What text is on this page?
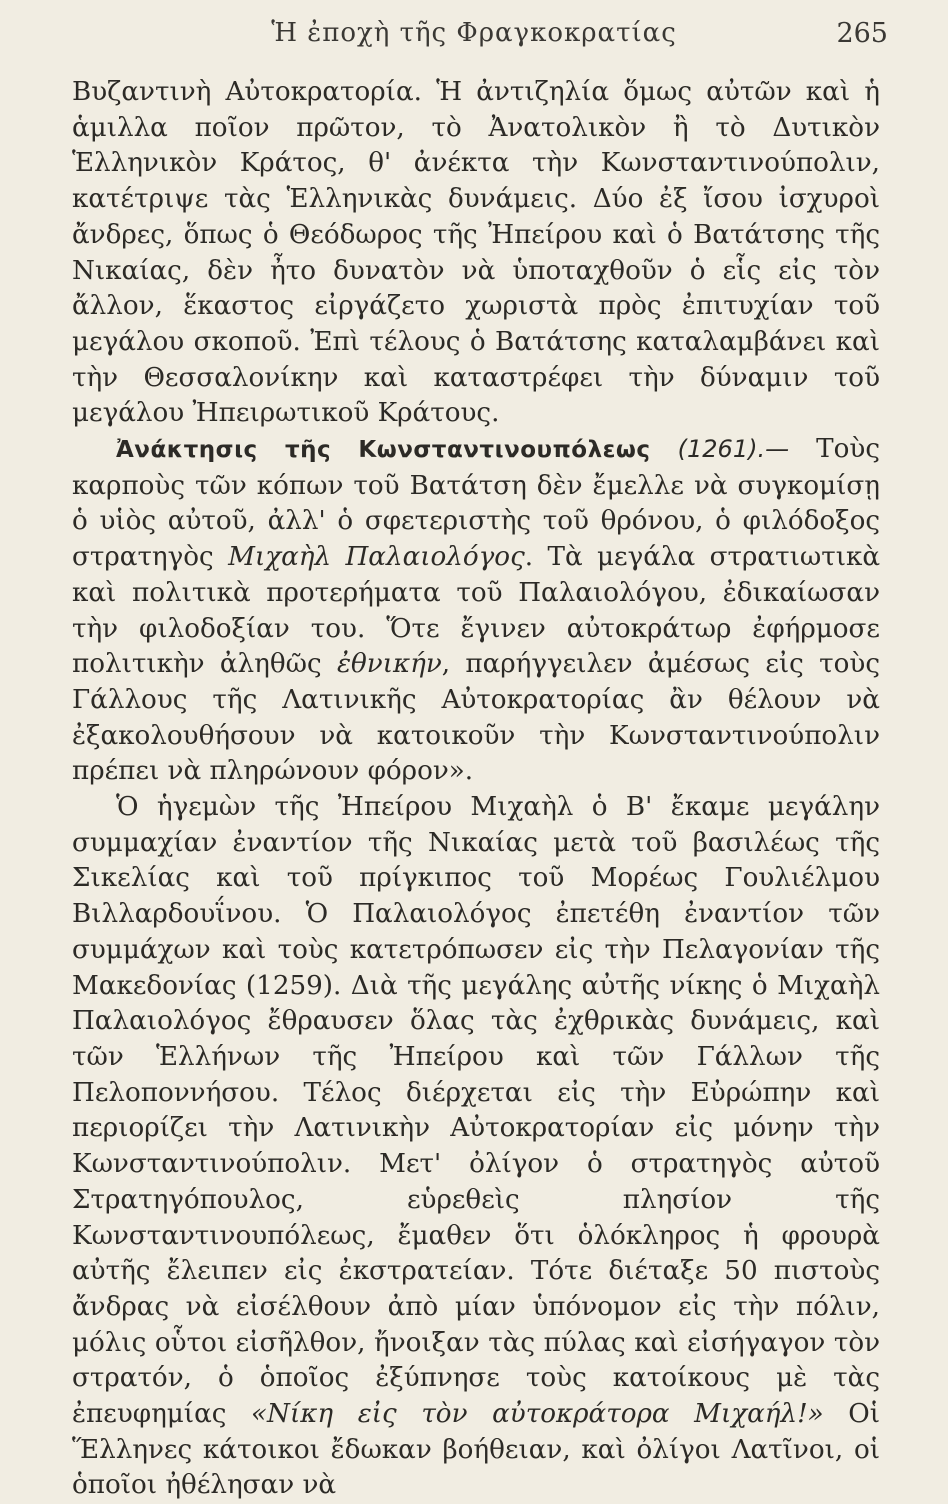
Ἡ ἐποχὴ τῆς Φραγκοκρατίας	265

Βυζαντινὴ Αὐτοκρατορία. Ἡ ἀντιζηλία ὅμως αὐτῶν καὶ ἡ ἁμιλλα ποῖον πρῶτον, τὸ Ἀνατολικὸν ἢ τὸ Δυτικὸν Ἑλληνικὸν Κράτος, θ' ἀνέκτα τὴν Κωνσταντινούπολιν, κατέτριψε τὰς Ἑλληνικὰς δυνάμεις. Δύο ἐξ ἴσου ἰσχυροὶ ἄνδρες, ὅπως ὁ Θεόδωρος τῆς Ἠπείρου καὶ ὁ Βατάτσης τῆς Νικαίας, δὲν ἦτο δυνατὸν νὰ ὑποταχθοῦν ὁ εἷς εἰς τὸν ἄλλον, ἕκαστος εἰργάζετο χωριστὰ πρὸς ἐπιτυχίαν τοῦ μεγάλου σκοποῦ. Ἐπὶ τέλους ὁ Βατάτσης καταλαμβάνει καὶ τὴν Θεσσαλονίκην καὶ καταστρέφει τὴν δύναμιν τοῦ μεγάλου Ἠπειρωτικοῦ Κράτους.

Ἀνάκτησις τῆς Κωνσταντινουπόλεως (1261).— Τοὺς καρποὺς τῶν κόπων τοῦ Βατάτση δὲν ἔμελλε νὰ συγκομίσῃ ὁ υἱὸς αὐτοῦ, ἀλλ' ὁ σφετεριστὴς τοῦ θρόνου, ὁ φιλόδοξος στρατηγὸς Μιχαὴλ Παλαιολόγος. Τὰ μεγάλα στρατιωτικὰ καὶ πολιτικὰ προτερήματα τοῦ Παλαιολόγου, ἐδικαίωσαν τὴν φιλοδοξίαν του. Ὅτε ἔγινεν αὐτοκράτωρ ἐφήρμοσε πολιτικὴν ἀληθῶς ἐθνικήν, παρήγγειλεν ἀμέσως εἰς τοὺς Γάλλους τῆς Λατινικῆς Αὐτοκρατορίας ἂν θέλουν νὰ ἐξακολουθήσουν νὰ κατοικοῦν τὴν Κωνσταντινούπολιν πρέπει νὰ πληρώνουν φόρον».

Ὁ ἡγεμὼν τῆς Ἠπείρου Μιχαὴλ ὁ Β' ἔκαμε μεγάλην συμμαχίαν ἐναντίον τῆς Νικαίας μετὰ τοῦ βασιλέως τῆς Σικελίας καὶ τοῦ πρίγκιπος τοῦ Μορέως Γουλιέλμου Βιλλαρδουΐνου. Ὁ Παλαιολόγος ἐπετέθη ἐναντίον τῶν συμμάχων καὶ τοὺς κατετρόπωσεν εἰς τὴν Πελαγονίαν τῆς Μακεδονίας (1259). Διὰ τῆς μεγάλης αὐτῆς νίκης ὁ Μιχαὴλ Παλαιολόγος ἔθραυσεν ὅλας τὰς ἐχθρικὰς δυνάμεις, καὶ τῶν Ἑλλήνων τῆς Ἠπείρου καὶ τῶν Γάλλων τῆς Πελοποννήσου. Τέλος διέρχεται εἰς τὴν Εὐρώπην καὶ περιορίζει τὴν Λατινικὴν Αὐτοκρατορίαν εἰς μόνην τὴν Κωνσταντινούπολιν. Μετ' ὀλίγον ὁ στρατηγὸς αὐτοῦ Στρατηγόπουλος, εὑρεθεὶς πλησίον τῆς Κωνσταντινουπόλεως, ἔμαθεν ὅτι ὁλόκληρος ἡ φρουρὰ αὐτῆς ἔλειπεν εἰς ἐκστρατείαν. Τότε διέταξε 50 πιστοὺς ἄνδρας νὰ εἰσέλθουν ἀπὸ μίαν ὑπόνομον εἰς τὴν πόλιν, μόλις οὗτοι εἰσῆλθον, ἤνοιξαν τὰς πύλας καὶ εἰσήγαγον τὸν στρατόν, ὁ ὁποῖος ἐξύπνησε τοὺς κατοίκους μὲ τὰς ἐπευφημίας «Νίκη εἰς τὸν αὐτοκράτορα Μιχαήλ!» Οἱ Ἕλληνες κάτοικοι ἔδωκαν βοήθειαν, καὶ ὀλίγοι Λατῖνοι, οἱ ὁποῖοι ἠθέλησαν νὰ
